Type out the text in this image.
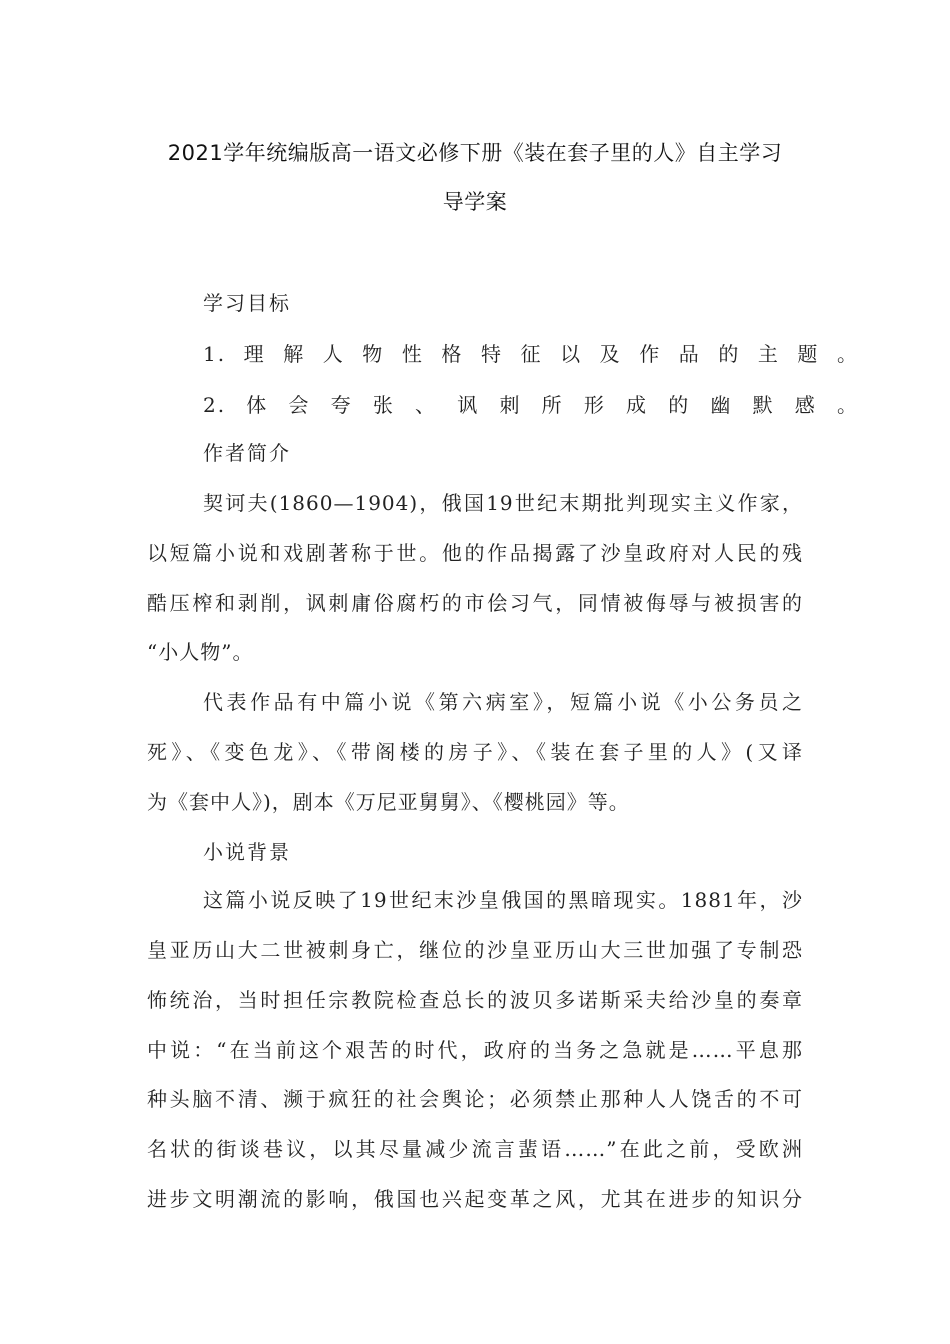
2021学年统编版高一语文必修下册《装在套子里的人》自主学习
导学案

学习目标

1.理解人物性格特征以及作品的主题。

2.体会夸张、讽刺所形成的幽默感。

作者简介

契诃夫(1860—1904)，俄国19世纪末期批判现实主义作家，

以短篇小说和戏剧著称于世。他的作品揭露了沙皇政府对人民的残

酷压榨和剥削，讽刺庸俗腐朽的市侩习气，同情被侮辱与被损害的

“小人物”。

代表作品有中篇小说《第六病室》，短篇小说《小公务员之

死》、《变色龙》、《带阁楼的房子》、《装在套子里的人》(又译

为《套中人》)，剧本《万尼亚舅舅》、《樱桃园》等。

小说背景

这篇小说反映了19世纪末沙皇俄国的黑暗现实。1881年，沙

皇亚历山大二世被刺身亡，继位的沙皇亚历山大三世加强了专制恐

怖统治，当时担任宗教院检查总长的波贝多诺斯采夫给沙皇的奏章

中说：“在当前这个艰苦的时代，政府的当务之急就是……平息那

种头脑不清、濒于疯狂的社会舆论；必须禁止那种人人饶舌的不可

名状的街谈巷议，以其尽量减少流言蜚语……”在此之前，受欧洲

进步文明潮流的影响，俄国也兴起变革之风，尤其在进步的知识分
